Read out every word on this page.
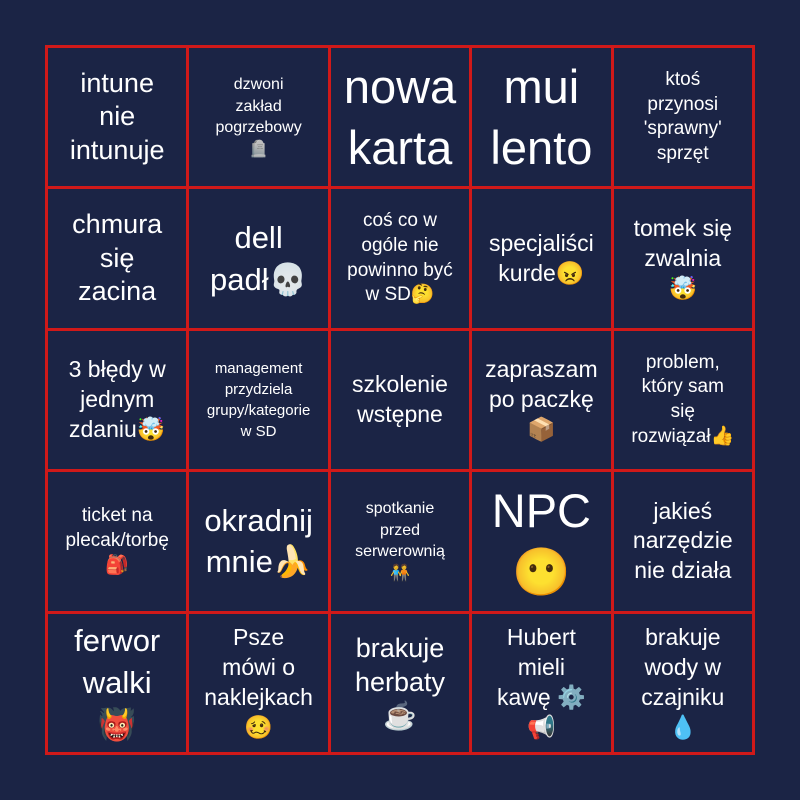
intune
nie
intunuje
dzwoni
zakład
pogrzebowy
🪦
nowa
karta
mui
lento
ktoś
przynosi
'sprawny'
sprzęt
chmura
się
zacina
dell
padł💀
coś co w
ogóle nie
powinno być
w SD🤔
specjaliści
kurde😠
tomek się
zwalnia
🤯
3 błędy w
jednym
zdaniu🤯
management
przydziela
grupy/kategorie
w SD
szkolenie
wstępne
zapraszam
po paczkę
📦
problem,
który sam
się
rozwiązał👍
ticket na
plecak/torbę
🎒
okradnij
mnie🍌
spotkanie
przed
serwerownią
🧑‍🤝‍🧑
NPC
😶
jakieś
narzędzie
nie działa
ferwor
walki
👹
Psze
mówi o
naklejkach
🥴
brakuje
herbaty
☕
Hubert
mieli
kawę ⚙️
📢
brakuje
wody w
czajniku
💧
